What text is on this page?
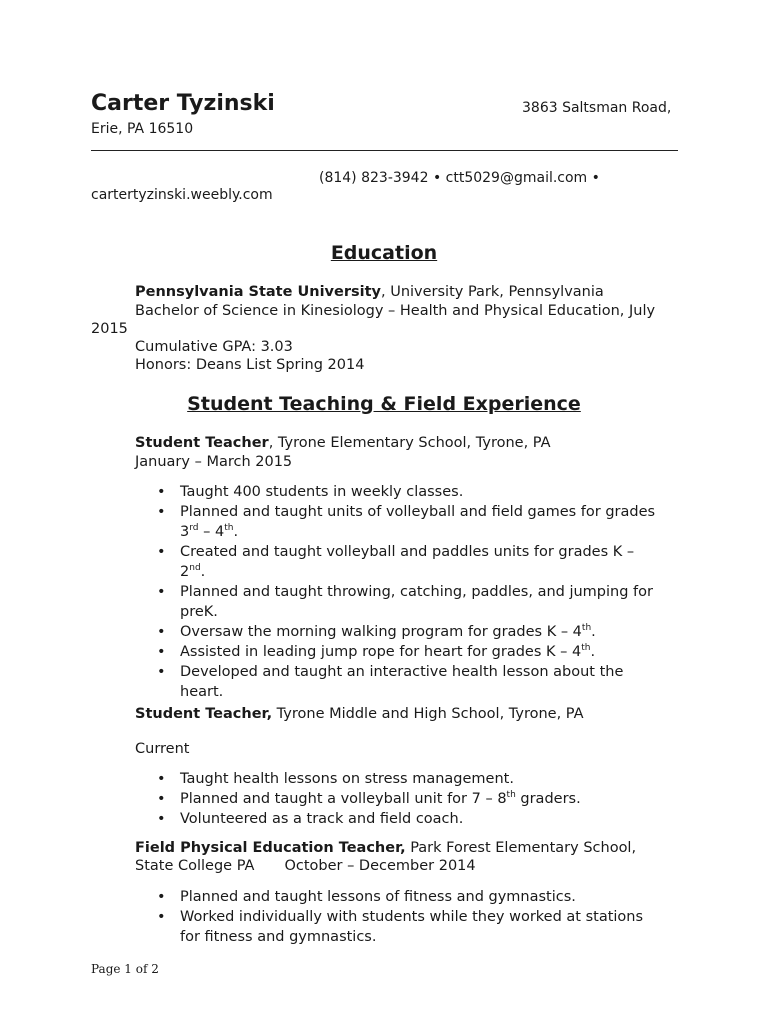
Carter Tyzinski	3863 Saltsman Road,
Erie, PA 16510
(814) 823-3942 • ctt5029@gmail.com •
cartertyzinski.weebly.com
Education
Pennsylvania State University, University Park, Pennsylvania
Bachelor of Science in Kinesiology – Health and Physical Education, July
2015
Cumulative GPA: 3.03
Honors: Deans List Spring 2014
Student Teaching & Field Experience
Student Teacher, Tyrone Elementary School, Tyrone, PA
January – March 2015
• Taught 400 students in weekly classes.
• Planned and taught units of volleyball and field games for grades
3rd – 4th.
• Created and taught volleyball and paddles units for grades K –
2nd.
• Planned and taught throwing, catching, paddles, and jumping for
preK.
• Oversaw the morning walking program for grades K – 4th.
• Assisted in leading jump rope for heart for grades K – 4th.
• Developed and taught an interactive health lesson about the
heart.
Student Teacher, Tyrone Middle and High School, Tyrone, PA
Current
• Taught health lessons on stress management.
• Planned and taught a volleyball unit for 7 – 8th graders.
• Volunteered as a track and field coach.
Field Physical Education Teacher, Park Forest Elementary School,
State College PA October – December 2014
• Planned and taught lessons of fitness and gymnastics.
• Worked individually with students while they worked at stations
for fitness and gymnastics.
Page 1 of 2
